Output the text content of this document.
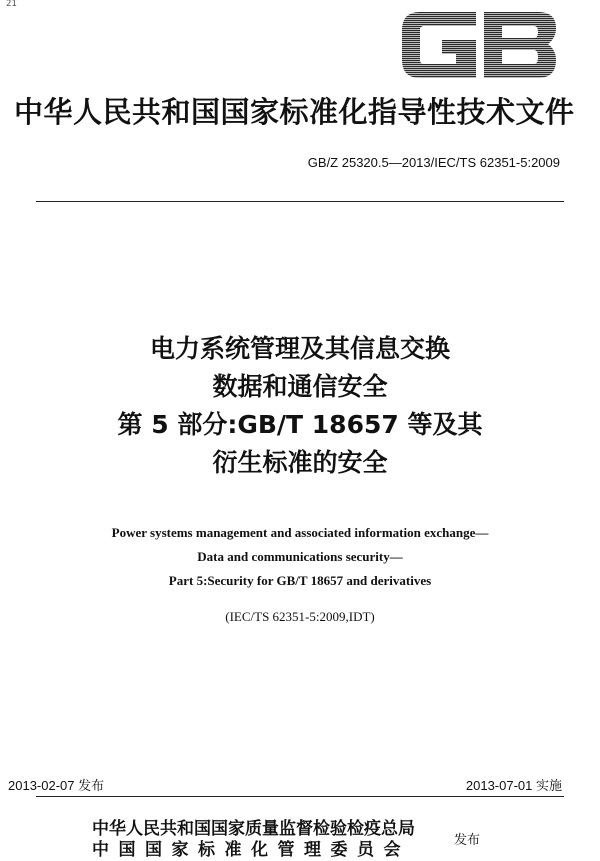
21
中华人民共和国国家标准化指导性技术文件
GB/Z 25320.5—2013/IEC/TS 62351-5:2009
电力系统管理及其信息交换
数据和通信安全
第 5 部分:GB/T 18657 等及其
衍生标准的安全
Power systems management and associated information exchange—
Data and communications security—
Part 5:Security for GB/T 18657 and derivatives
(IEC/TS 62351-5:2009,IDT)
2013-02-07 发布	2013-07-01 实施
中华人民共和国国家质量监督检验检疫总局
中国国家标准化管理委员会	发布
